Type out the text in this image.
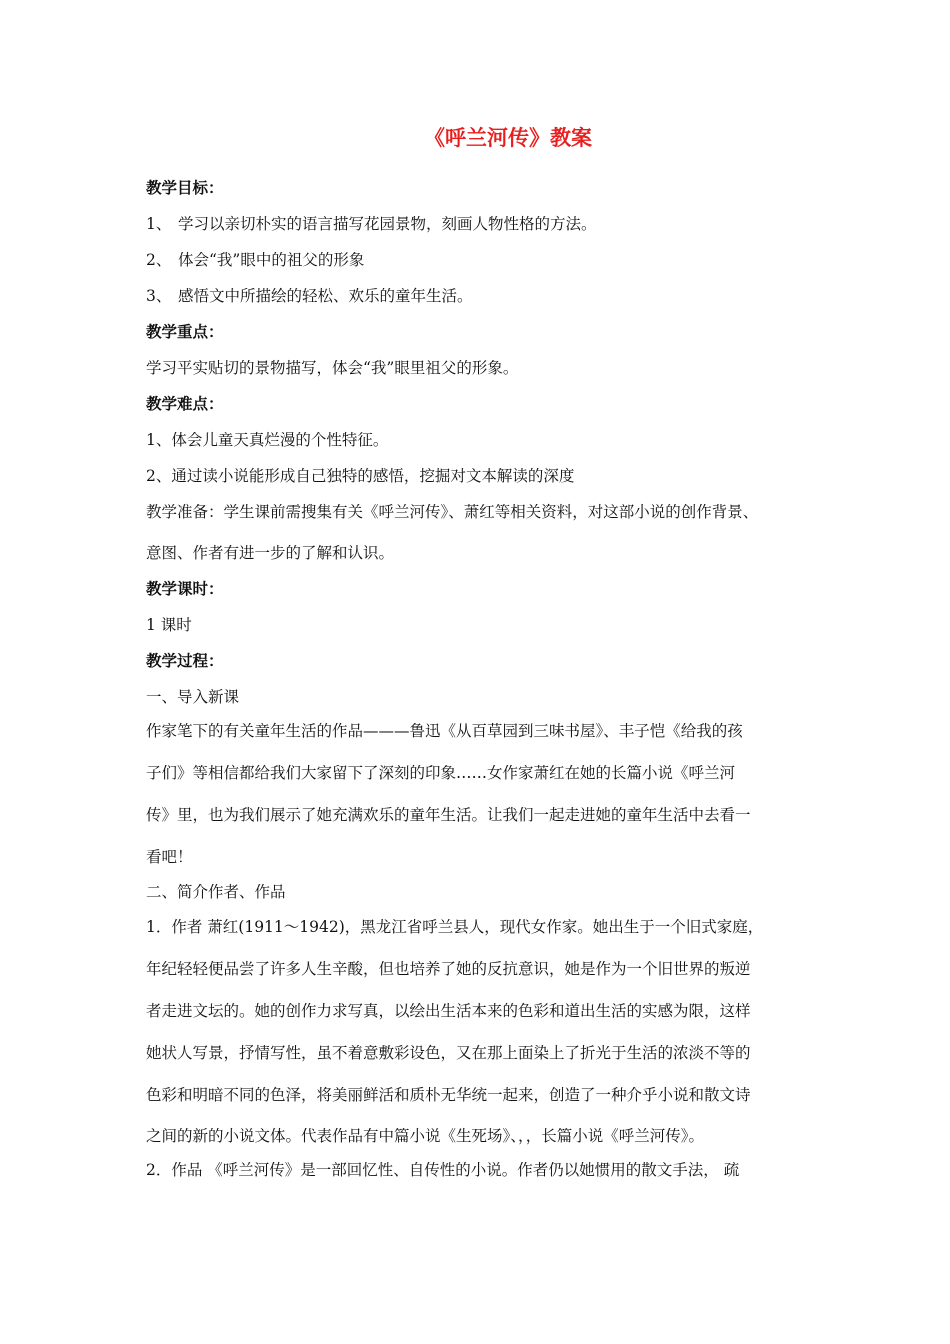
《呼兰河传》教案
教学目标：
1、 学习以亲切朴实的语言描写花园景物，刻画人物性格的方法。
2、 体会“我”眼中的祖父的形象
3、 感悟文中所描绘的轻松、欢乐的童年生活。
教学重点：
学习平实贴切的景物描写，体会“我”眼里祖父的形象。
教学难点：
1、体会儿童天真烂漫的个性特征。
2、通过读小说能形成自己独特的感悟，挖掘对文本解读的深度
教学准备：学生课前需搜集有关《呼兰河传》、萧红等相关资料，对这部小说的创作背景、
意图、作者有进一步的了解和认识。
教学课时：
1 课时
教学过程：
一、导入新课
作家笔下的有关童年生活的作品———鲁迅《从百草园到三味书屋》、丰子恺《给我的孩
子们》等相信都给我们大家留下了深刻的印象……女作家萧红在她的长篇小说《呼兰河
传》里，也为我们展示了她充满欢乐的童年生活。让我们一起走进她的童年生活中去看一
看吧！
二、简介作者、作品
1．作者 萧红(1911～1942)，黑龙江省呼兰县人，现代女作家。她出生于一个旧式家庭，
年纪轻轻便品尝了许多人生辛酸，但也培养了她的反抗意识，她是作为一个旧世界的叛逆
者走进文坛的。她的创作力求写真，以绘出生活本来的色彩和道出生活的实感为限，这样
她状人写景，抒情写性，虽不着意敷彩设色，又在那上面染上了折光于生活的浓淡不等的
色彩和明暗不同的色泽，将美丽鲜活和质朴无华统一起来，创造了一种介乎小说和散文诗
之间的新的小说文体。代表作品有中篇小说《生死场》、，，长篇小说《呼兰河传》。
2．作品 《呼兰河传》是一部回忆性、自传性的小说。作者仍以她惯用的散文手法， 疏
